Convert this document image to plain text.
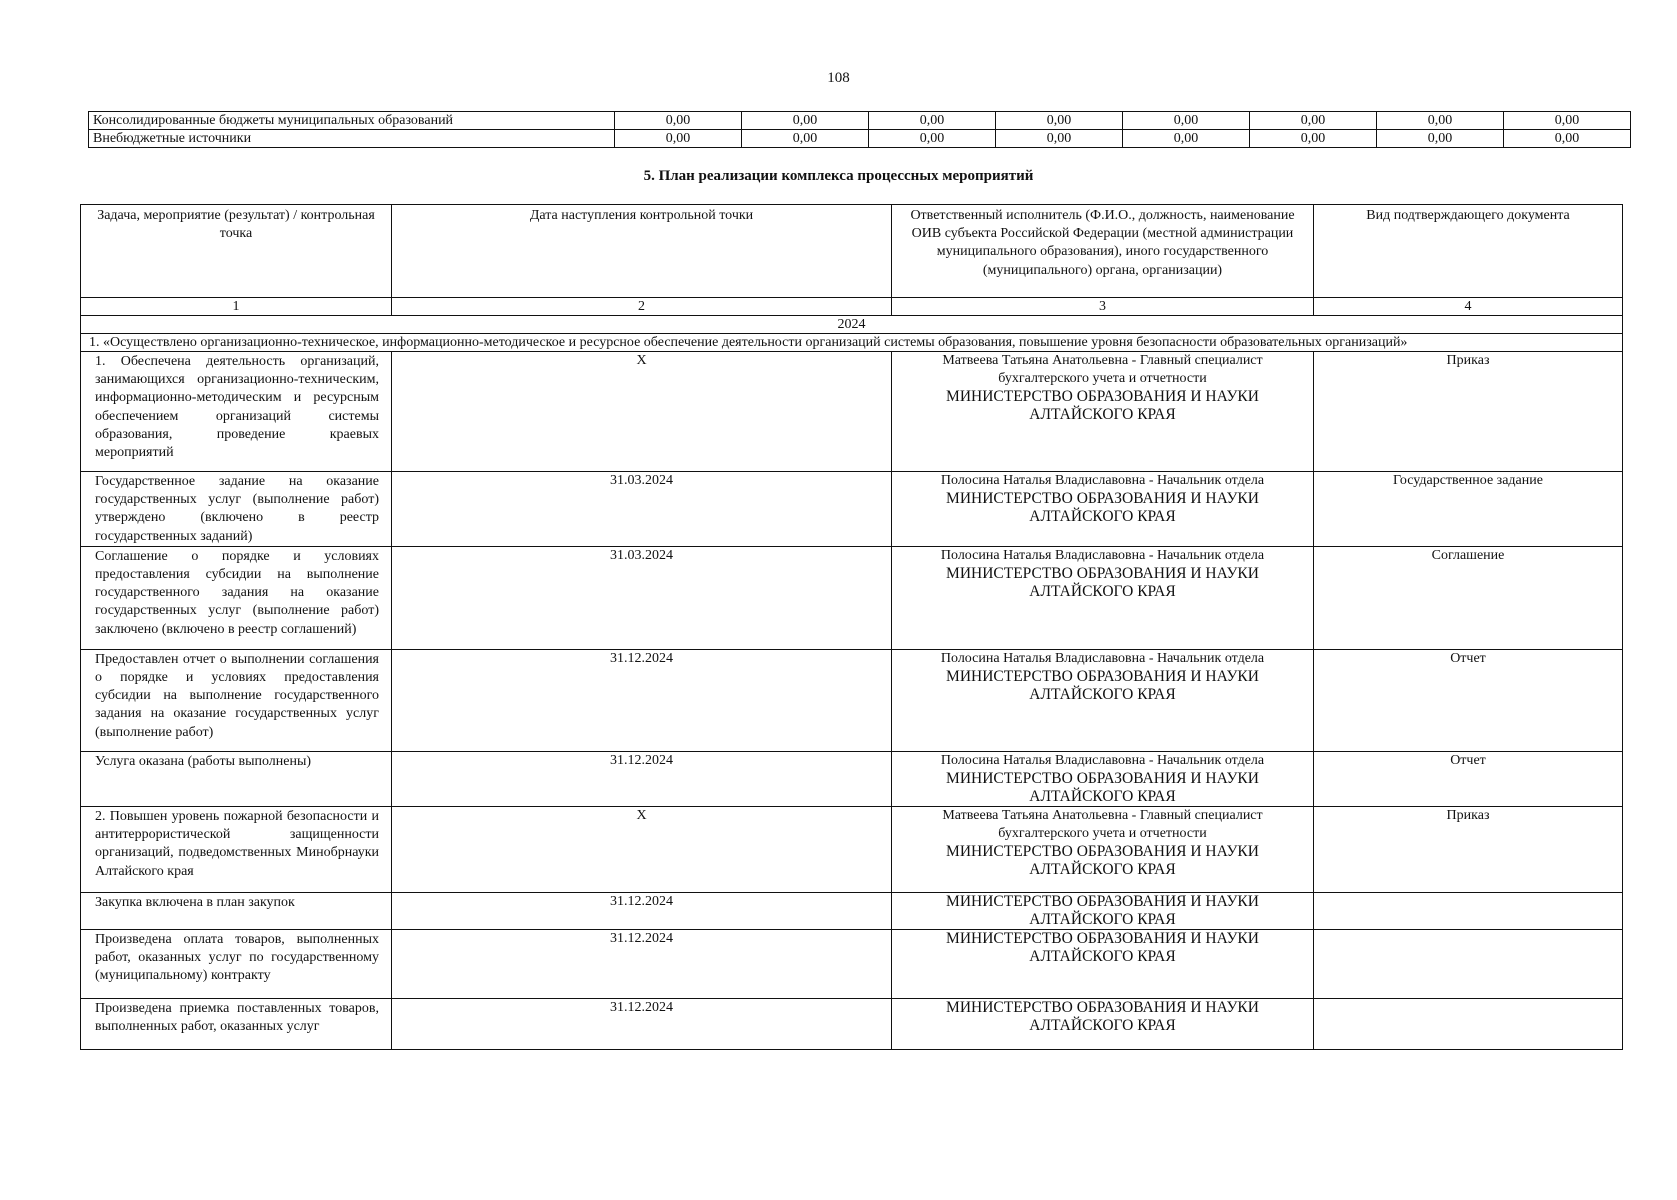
108
Консолидированные бюджеты муниципальных образований	0,00	0,00	0,00	0,00	0,00	0,00	0,00	0,00
Внебюджетные источники	0,00	0,00	0,00	0,00	0,00	0,00	0,00	0,00
5. План реализации комплекса процессных мероприятий
Задача, мероприятие (результат) / контрольная точка	Дата наступления контрольной точки	Ответственный исполнитель (Ф.И.О., должность, наименование ОИВ субъекта Российской Федерации (местной администрации муниципального образования), иного государственного (муниципального) органа, организации)	Вид подтверждающего документа
1	2	3	4
2024			
1. «Осуществлено организационно-техническое, информационно-методическое и ресурсное обеспечение деятельности организаций системы образования, повышение уровня безопасности образовательных организаций»			
1. Обеспечена деятельность организаций, занимающихся организационно-техническим, информационно-методическим и ресурсным обеспечением организаций системы образования, проведение краевых мероприятий	Х	Матвеева Татьяна Анатольевна - Главный специалист бухгалтерского учета и отчетности
МИНИСТЕРСТВО ОБРАЗОВАНИЯ И НАУКИ АЛТАЙСКОГО КРАЯ	Приказ
Государственное задание на оказание государственных услуг (выполнение работ) утверждено (включено в реестр государственных заданий)	31.03.2024	Полосина Наталья Владиславовна - Начальник отдела
МИНИСТЕРСТВО ОБРАЗОВАНИЯ И НАУКИ АЛТАЙСКОГО КРАЯ	Государственное задание
Соглашение о порядке и условиях предоставления субсидии на выполнение государственного задания на оказание государственных услуг (выполнение работ) заключено (включено в реестр соглашений)	31.03.2024	Полосина Наталья Владиславовна - Начальник отдела
МИНИСТЕРСТВО ОБРАЗОВАНИЯ И НАУКИ АЛТАЙСКОГО КРАЯ	Соглашение
Предоставлен отчет о выполнении соглашения о порядке и условиях предоставления субсидии на выполнение государственного задания на оказание государственных услуг (выполнение работ)	31.12.2024	Полосина Наталья Владиславовна - Начальник отдела
МИНИСТЕРСТВО ОБРАЗОВАНИЯ И НАУКИ АЛТАЙСКОГО КРАЯ	Отчет
Услуга оказана (работы выполнены)	31.12.2024	Полосина Наталья Владиславовна - Начальник отдела
МИНИСТЕРСТВО ОБРАЗОВАНИЯ И НАУКИ АЛТАЙСКОГО КРАЯ	Отчет
2. Повышен уровень пожарной безопасности и антитеррористической защищенности организаций, подведомственных Минобрнауки Алтайского края	Х	Матвеева Татьяна Анатольевна - Главный специалист бухгалтерского учета и отчетности
МИНИСТЕРСТВО ОБРАЗОВАНИЯ И НАУКИ АЛТАЙСКОГО КРАЯ	Приказ
Закупка включена в план закупок	31.12.2024	МИНИСТЕРСТВО ОБРАЗОВАНИЯ И НАУКИ АЛТАЙСКОГО КРАЯ	

Произведена оплата товаров, выполненных работ, оказанных услуг по государственному (муниципальному) контракту	31.12.2024	МИНИСТЕРСТВО ОБРАЗОВАНИЯ И НАУКИ АЛТАЙСКОГО КРАЯ	

Произведена приемка поставленных товаров, выполненных работ, оказанных услуг	31.12.2024	МИНИСТЕРСТВО ОБРАЗОВАНИЯ И НАУКИ АЛТАЙСКОГО КРАЯ	
